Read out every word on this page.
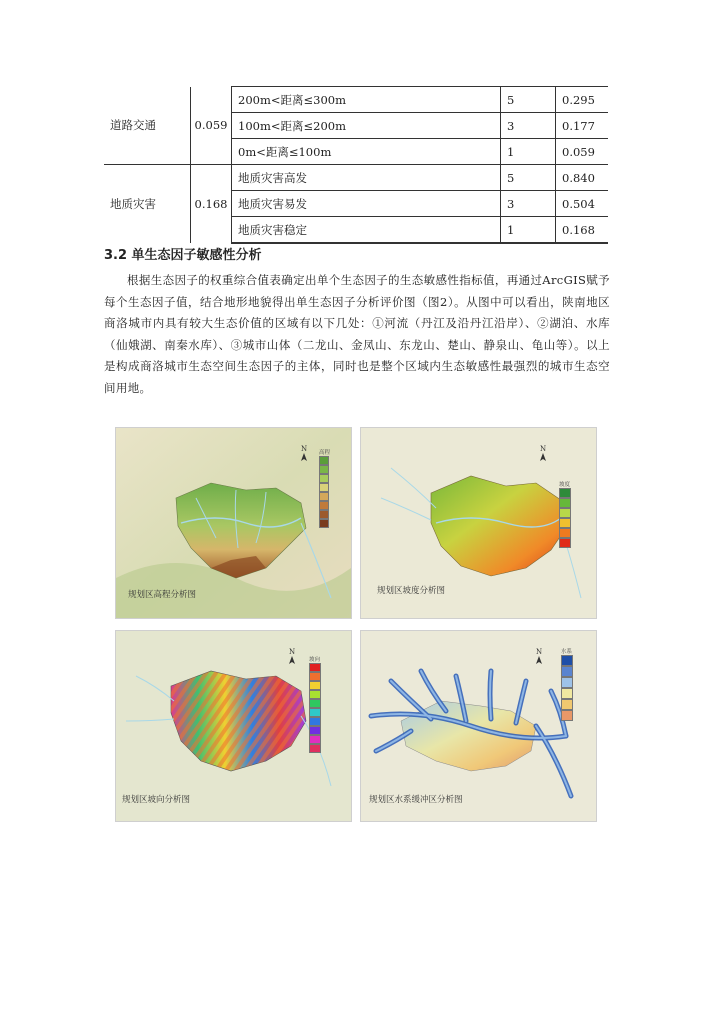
道路交通	0.059	200m<距离≤300m	5	0.295
		100m<距离≤200m	3	0.177
		0m<距离≤100m	1	0.059
地质灾害	0.168	地质灾害高发	5	0.840
		地质灾害易发	3	0.504
		地质灾害稳定	1	0.168
3.2 单生态因子敏感性分析

根据生态因子的权重综合值表确定出单个生态因子的生态敏感性指标值，再通过ArcGIS赋予每个生态因子值，结合地形地貌得出单生态因子分析评价图（图2）。从图中可以看出，陕南地区商洛城市内具有较大生态价值的区域有以下几处：①河流（丹江及沿丹江沿岸）、②湖泊、水库（仙娥湖、南秦水库）、③城市山体（二龙山、金凤山、东龙山、楚山、静泉山、龟山等）。以上是构成商洛城市生态空间生态因子的主体，同时也是整个区域内生态敏感性最强烈的城市生态空间用地。

N 高程
规划区高程分析图
N
坡度
规划区坡度分析图
N
坡向
规划区坡向分析图
N	水系
规划区水系缓冲区分析图
